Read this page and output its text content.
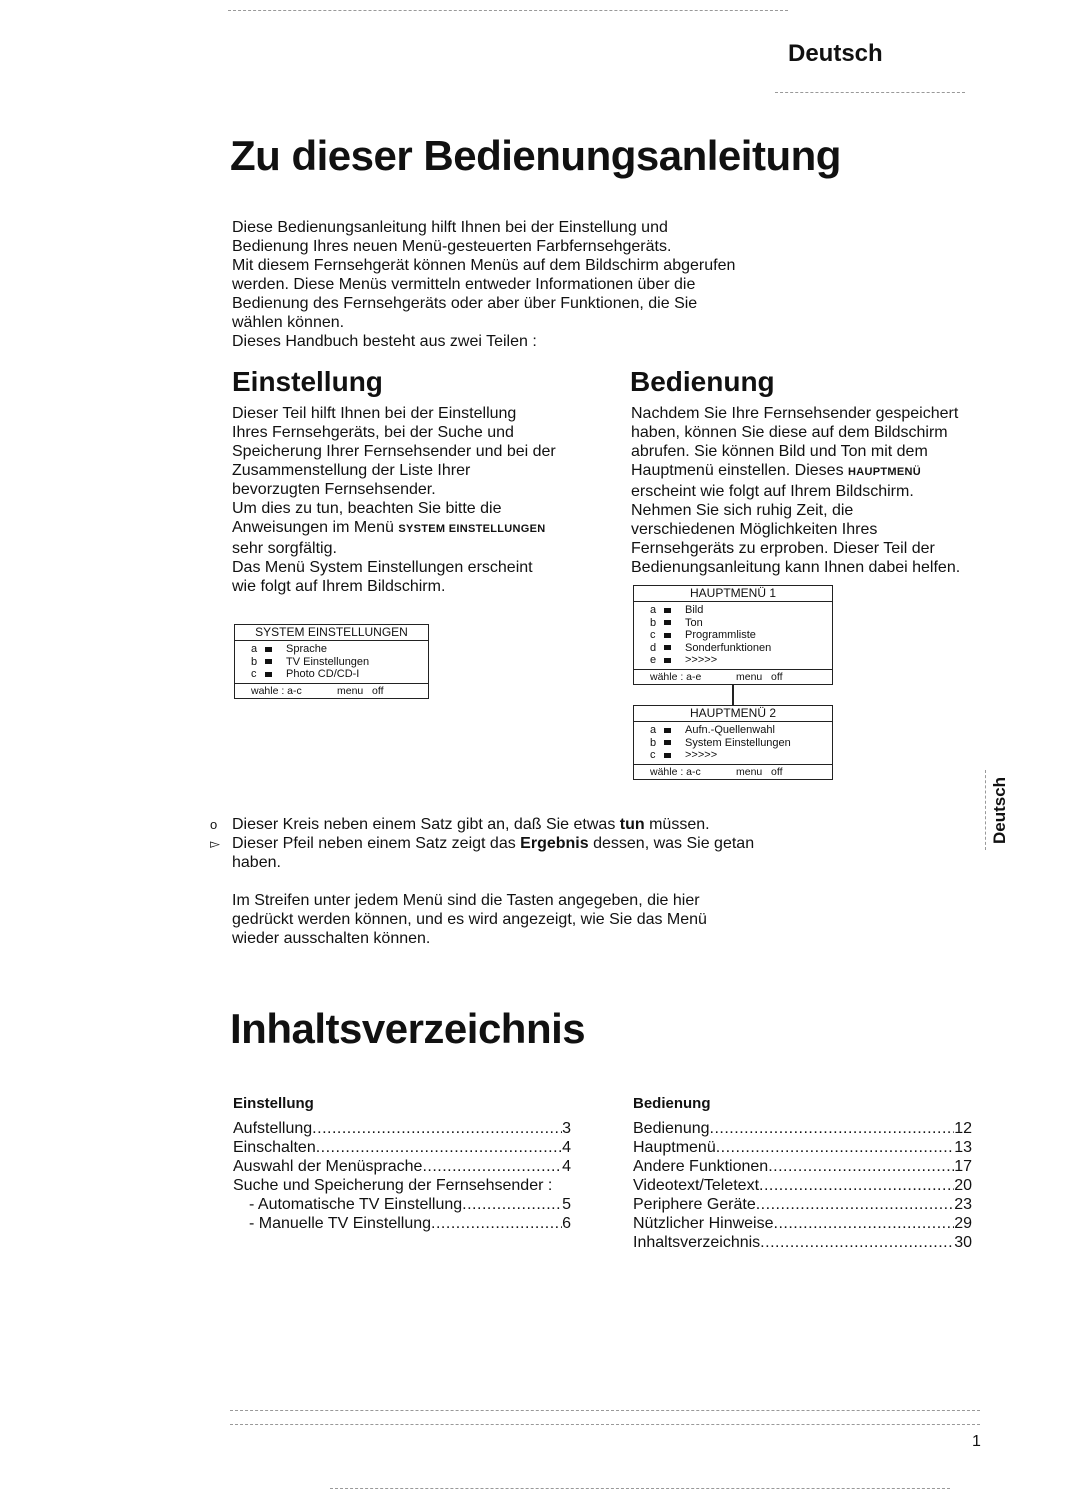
Deutsch
Zu dieser Bedienungsanleitung

Diese Bedienungsanleitung hilft Ihnen bei der Einstellung und

Bedienung Ihres neuen Menü-gesteuerten Farbfernsehgeräts.

Mit diesem Fernsehgerät können Menüs auf dem Bildschirm abgerufen

werden. Diese Menüs vermitteln entweder Informationen über die

Bedienung des Fernsehgeräts oder aber über Funktionen, die Sie

wählen können.

Dieses Handbuch besteht aus zwei Teilen :

Einstellung

Dieser Teil hilft Ihnen bei der Einstellung

Ihres Fernsehgeräts, bei der Suche und

Speicherung Ihrer Fernsehsender und bei der

Zusammenstellung der Liste Ihrer

bevorzugten Fernsehsender.

Um dies zu tun, beachten Sie bitte die

Anweisungen im Menü SYSTEM EINSTELLUNGEN

sehr sorgfältig.

Das Menü System Einstellungen erscheint

wie folgt auf Ihrem Bildschirm.

SYSTEM EINSTELLUNGEN
a	Sprache
b	TV Einstellungen
c	Photo CD/CD-I
wahle : a-c	menu   off
Bedienung

Nachdem Sie Ihre Fernsehsender gespeichert

haben, können Sie diese auf dem Bildschirm

abrufen. Sie können Bild und Ton mit dem

Hauptmenü einstellen. Dieses HAUPTMENÜ

erscheint wie folgt auf Ihrem Bildschirm.

Nehmen Sie sich ruhig Zeit, die

verschiedenen Möglichkeiten Ihres

Fernsehgeräts zu erproben. Dieser Teil der

Bedienungsanleitung kann Ihnen dabei helfen.

HAUPTMENÜ 1
a	Bild
b	Ton
c	Programmliste
d	Sonderfunktionen
e	>>>>>
wähle : a-e	menu   off
HAUPTMENÜ 2
a	Aufn.-Quellenwahl
b	System Einstellungen
c	>>>>>
wähle : a-c	menu   off
o Dieser Kreis neben einem Satz gibt an, daß Sie etwas tun müssen.
▻ Dieser Pfeil neben einem Satz zeigt das Ergebnis dessen, was Sie getan
haben.

Im Streifen unter jedem Menü sind die Tasten angegeben, die hier

gedrückt werden können, und es wird angezeigt, wie Sie das Menü

wieder ausschalten können.

Deutsch
Inhaltsverzeichnis
Einstellung
Aufstellung .....	3
Einschalten .....	4
Auswahl der Menüsprache .....	4
Suche und Speicherung der Fernsehsender :
- Automatische TV Einstellung .....	5
- Manuelle TV Einstellung .....	6
Bedienung
Bedienung .....	12
Hauptmenü .....	13
Andere Funktionen .....	17
Videotext/Teletext .....	20
Periphere Geräte .....	23
Nützlicher Hinweise .....	29
Inhaltsverzeichnis .....	30
1
